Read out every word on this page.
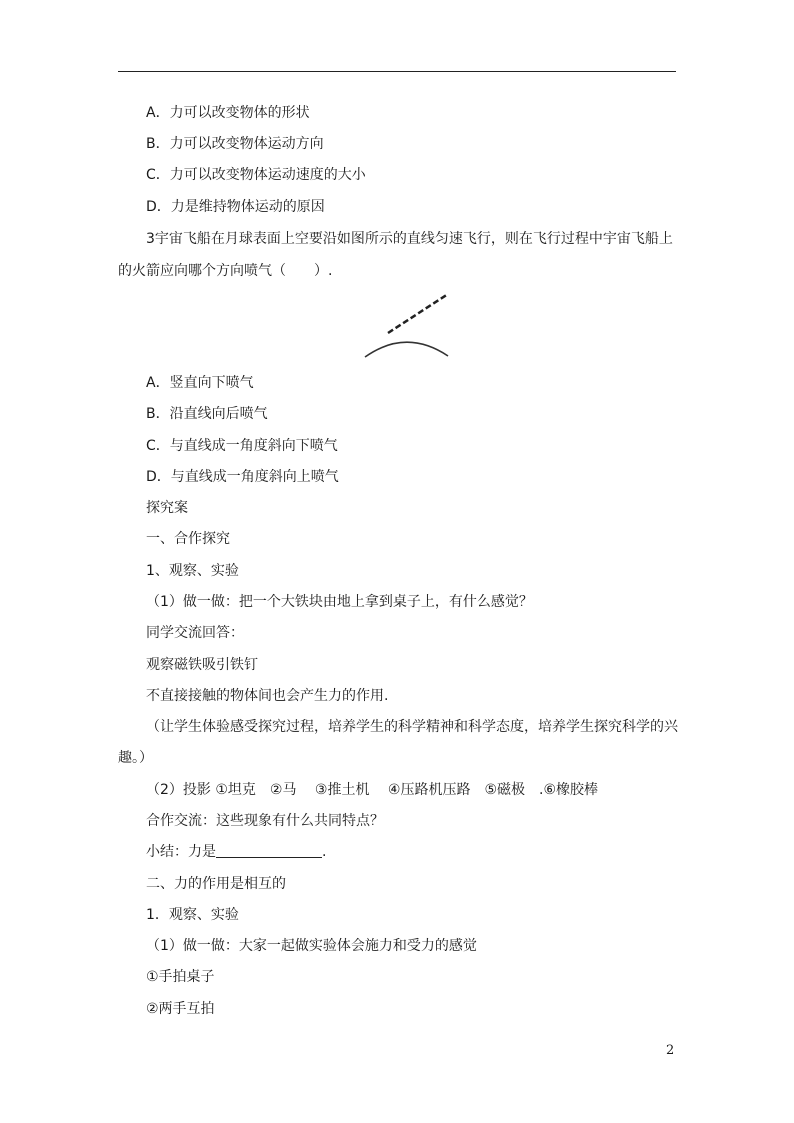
A．力可以改变物体的形状
B．力可以改变物体运动方向
C．力可以改变物体运动速度的大小
D．力是维持物体运动的原因
3宇宙飞船在月球表面上空要沿如图所示的直线匀速飞行，则在飞行过程中宇宙飞船上
的火箭应向哪个方向喷气（　　）.
A．竖直向下喷气
B．沿直线向后喷气
C．与直线成一角度斜向下喷气
D．与直线成一角度斜向上喷气
探究案
一、合作探究
1、观察、实验
（1）做一做：把一个大铁块由地上拿到桌子上，有什么感觉？
同学交流回答：
观察磁铁吸引铁钉
不直接接触的物体间也会产生力的作用.
（让学生体验感受探究过程，培养学生的科学精神和科学态度，培养学生探究科学的兴
趣。）
（2）投影 ①坦克　②马　 ③推土机　 ④压路机压路　⑤磁极　.⑥橡胶棒
合作交流：这些现象有什么共同特点？
小结：力是	.
二、力的作用是相互的
1．观察、实验
（1）做一做：大家一起做实验体会施力和受力的感觉
①手拍桌子
②两手互拍
2
